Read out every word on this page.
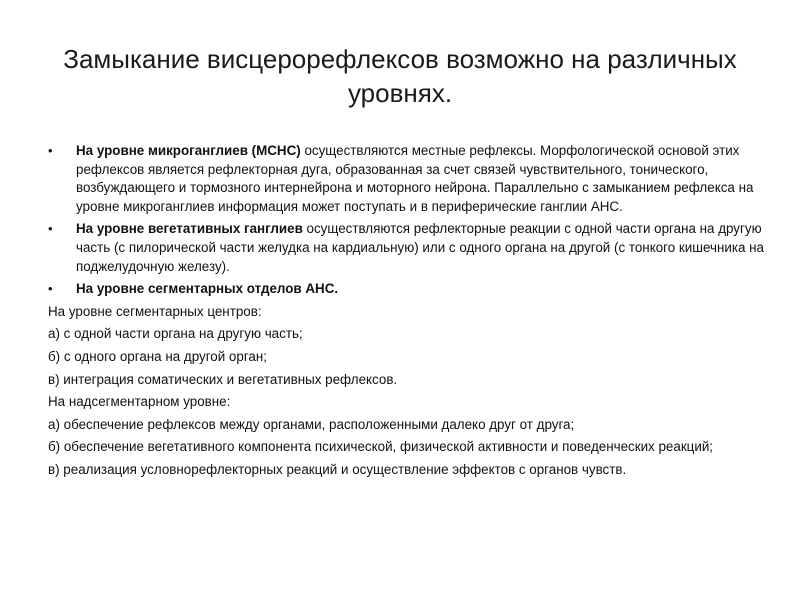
Замыкание висцерорефлексов возможно на различных уровнях.
• На уровне микроганглиев (МСНС) осуществляются местные рефлексы. Морфологической основой этих рефлексов является рефлекторная дуга, образованная за счет связей чувствительного, тонического, возбуждающего и тормозного интернейрона и моторного нейрона. Параллельно с замыканием рефлекса на уровне микроганглиев информация может поступать и в периферические ганглии АНС.
• На уровне вегетативных ганглиев осуществляются рефлекторные реакции с одной части органа на другую часть (с пилорической части желудка на кардиальную) или с одного органа на другой (с тонкого кишечника на поджелудочную железу).
• На уровне сегментарных отделов АНС.

На уровне сегментарных центров:

а) с одной части органа на другую часть;

б) с одного органа на другой орган;

в) интеграция соматических и вегетативных рефлексов.

На надсегментарном уровне:

а) обеспечение рефлексов между органами, расположенными далеко друг от друга;

б) обеспечение вегетативного компонента психической, физической активности и поведенческих реакций;

в) реализация условнорефлекторных реакций и осуществление эффектов с органов чувств.
